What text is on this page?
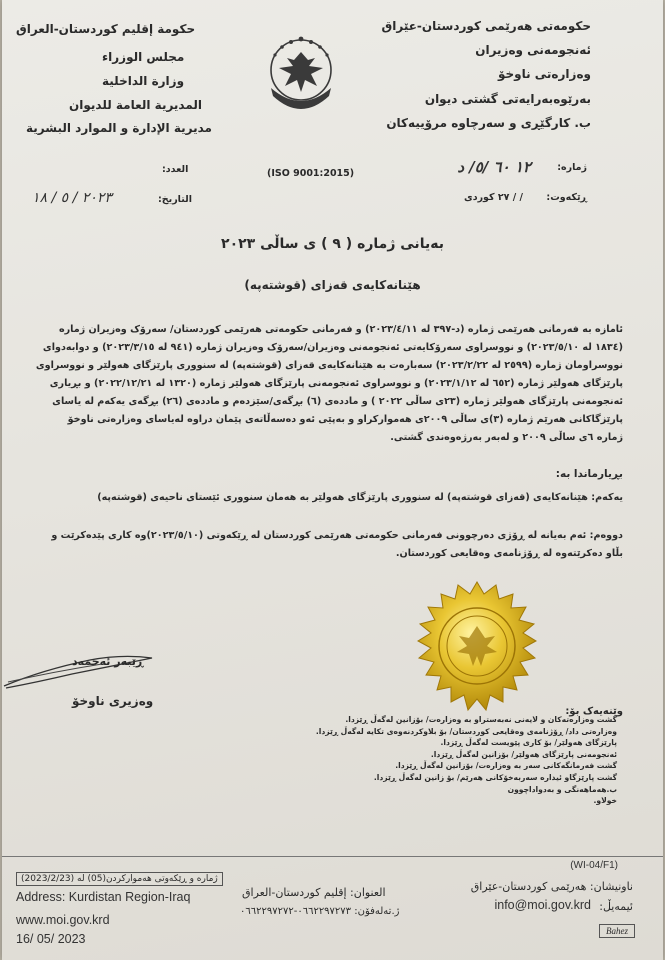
حکومەتی هەرێمی کوردستان-عێراق
ئەنجومەنی وەزیران
وەزارەتی ناوخۆ
بەرێوەبەرایەتی گشتی دیوان
ب. کارگێڕی و سەرچاوە مرۆییەکان
حكومة إقليم كوردستان-العراق
مجلس الوزراء
وزارة الداخلية
المديرية العامة للديوان
مديرية الإدارة و الموارد البشرية
(ISO 9001:2015)
ژمارە:
١٢ ٦٠ /٥/ د
ڕێکەوت:
/ / ٢٧ کوردی
العدد:
التاريخ:
٢٠٢٣ / ٥ / ١٨
بەیانی ژمارە ( ٩ ) ی ساڵی ٢٠٢٣
هێنانەکایەی قەزای (قوشتەپە)
ئامازە بە فەرمانی هەرێمی ژمارە (د-٣٩٧ لە ٢٠٢٣/٤/١١) و فەرمانی حکومەتی هەرێمی کوردستان/ سەرۆک وەزیران ژمارە
(١٨٣٤ لە ٢٠٢٣/٥/١٠) و نووسراوی سەرۆکایەتی ئەنجومەنی وەزیران/سەرۆک وەزیران ژمارە (٩٤١ لە ٢٠٢٣/٣/١٥) و دوابەدوای
نووسراومان ژمارە (٢٥٩٩ لە ٢٠٢٣/٢/٢٢) سەبارەت بە هێنانەکایەی قەزای (قوشتەپە) لە سنووری پارێزگای هەولێر و نووسراوی
پارێزگای هەولێر ژمارە (٦٥٢ لە ٢٠٢٣/١/١٢) و نووسراوی ئەنجومەنی پارێزگای هەولێر ژمارە (١٣٢٠ لە ٢٠٢٢/١٢/٢١) و بڕیاری
ئەنجومەنی پارێزگای هەولێر ژمارە (٢٣ی ساڵی ٢٠٢٢ ) و ماددەی (٦) بڕگەی/سێزدەم و ماددەی (٢٦) بڕگەی یەکەم لە یاسای
پارێزگاکانی هەرێم ژمارە (٣)ی ساڵی ٢٠٠٩ی هەموارکراو و بەپێی ئەو دەسەڵاتەی پێمان دراوە لەیاسای وەزارەتی ناوخۆ
ژمارە ٦ی ساڵی ٢٠٠٩ و لەبەر بەرژەوەندی گشتی.
بڕیارماندا بە:
یەکەم: هێنانەکایەی (قەزای قوشتەپە) لە سنووری پارێزگای هەولێر بە هەمان سنووری ئێستای ناحیەی (قوشتەپە)
دووەم: ئەم بەیانە لە ڕۆژی دەرچوونی فەرمانی حکومەتی هەرێمی کوردستان لە ڕێکەوتی (٢٠٢٣/٥/١٠)وە کاری پێدەکرێت و
بڵاو دەکرێتەوە لە ڕۆژنامەی وەقایعی کوردستان.
ڕێبەر ئەحمەد
وەزیری ناوخۆ
وێنەیەک بۆ:
گشت وەزارەتەکان و لایەنی نەبەستراو بە وەزارەت/ بۆزانین لەگەڵ ڕێزدا.
وەزارەتی داد/ ڕۆژنامەی وەقایعی کوردستان/ بۆ بلاوکردنەوەی تکایە لەگەڵ ڕێزدا.
پارێزگای هەولێر/ بۆ کاری پێویست لەگەڵ ڕێزدا.
ئەنجومەنی پارێزگای هەولێر/ بۆزانین لەگەڵ ڕێزدا.
گشت فەرمانگەکانی سەر بە وەزارەت/ بۆزانین لەگەڵ ڕێزدا.
گشت پارێزگاو ئیدارە سەربەخۆکانی هەرێم/ بۆ زانین لەگەڵ ڕێزدا.
ب.هەماهەنگی و بەدواداچوون
خولاو.
(WI-04/F1)
ژمارە و ڕێکەوتی هەموارکردن(05) لە (2023/2/23)
ناونیشان: هەرێمی کوردستان-عێراق
العنوان: إقليم كوردستان-العراق
Address: Kurdistan Region-Iraq
ئیمەیڵ:
info@moi.gov.krd
ژ.تەلەفۆن: ٠٦٦٢٢٩٧٢٧٣-٠٦٦٢٢٩٧٢٧٢
www.moi.gov.krd
16/ 05/ 2023
Bahez
